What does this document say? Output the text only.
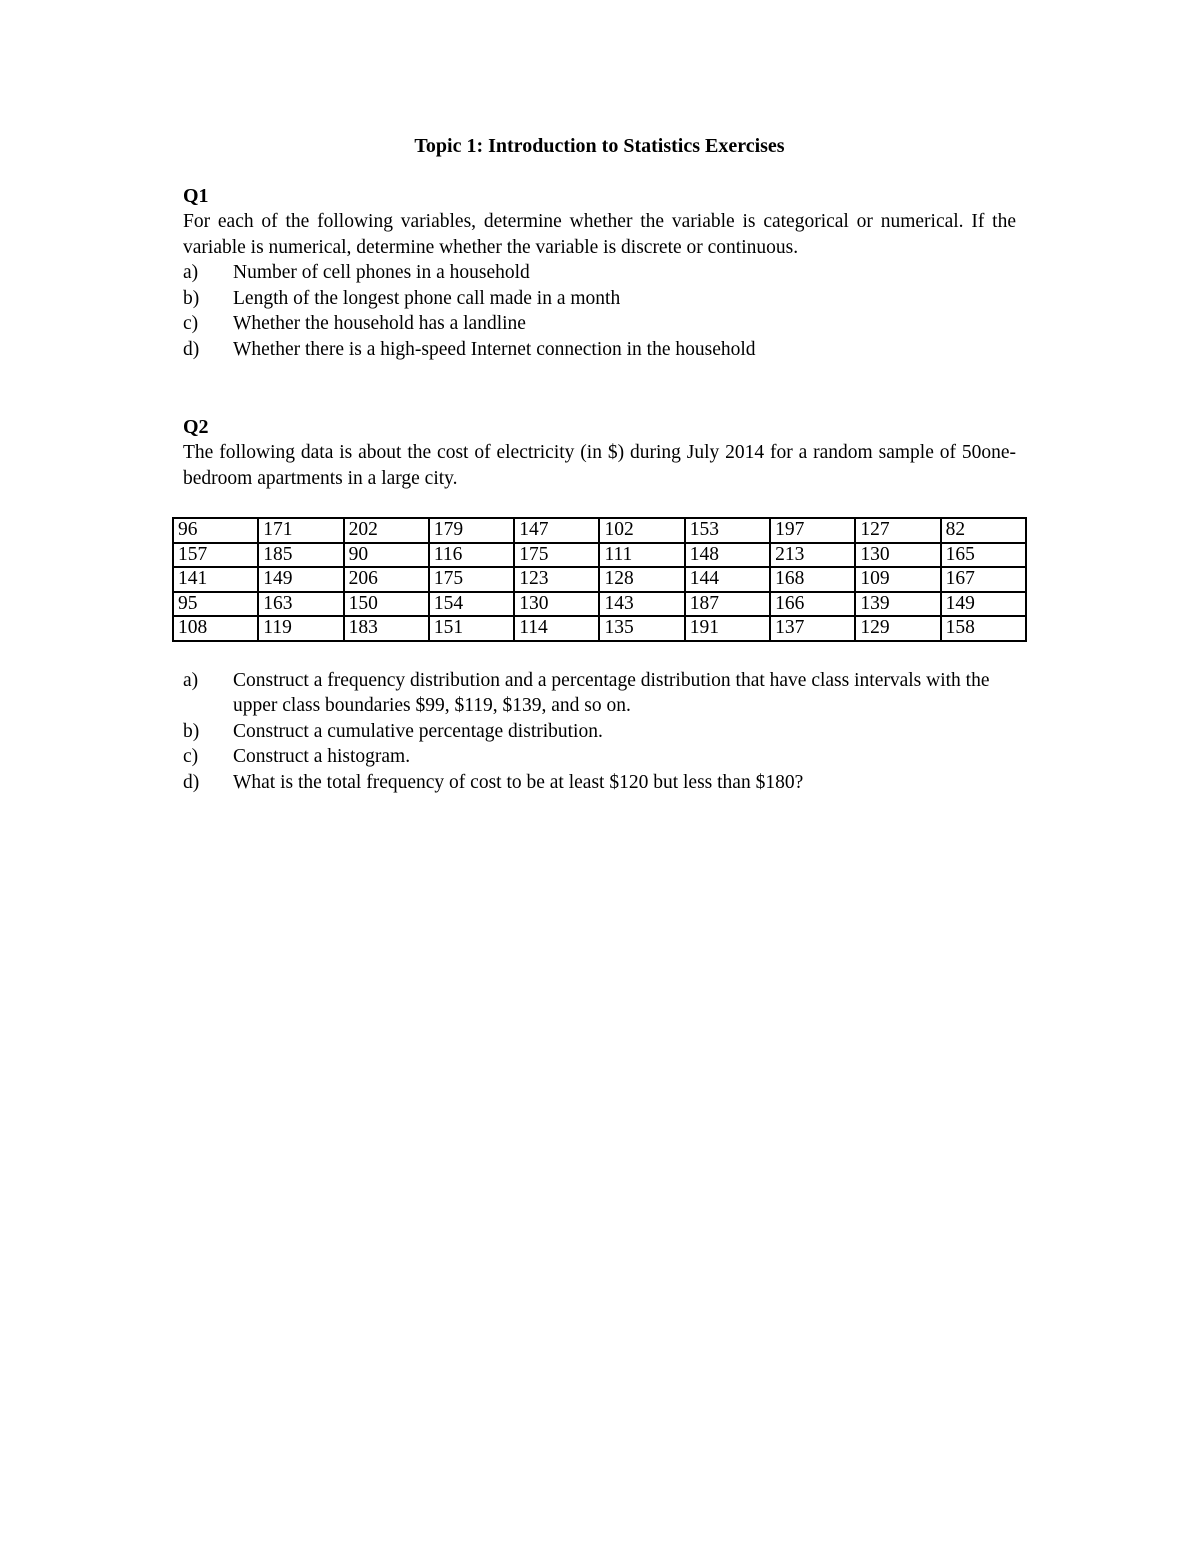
Topic 1: Introduction to Statistics Exercises
Q1

For each of the following variables, determine whether the variable is categorical or numerical. If the variable is numerical, determine whether the variable is discrete or continuous.

a)	Number of cell phones in a household
b)	Length of the longest phone call made in a month
c)	Whether the household has a landline
d)	Whether there is a high-speed Internet connection in the household
Q2

The following data is about the cost of electricity (in $) during July 2014 for a random sample of 50one-bedroom apartments in a large city.

96	171	202	179	147	102	153	197	127	82
157	185	90	116	175	111	148	213	130	165
141	149	206	175	123	128	144	168	109	167
95	163	150	154	130	143	187	166	139	149
108	119	183	151	114	135	191	137	129	158
a)	Construct a frequency distribution and a percentage distribution that have class intervals with the upper class boundaries $99, $119, $139, and so on.
b)	Construct a cumulative percentage distribution.
c)	Construct a histogram.
d)	What is the total frequency of cost to be at least $120 but less than $180?
